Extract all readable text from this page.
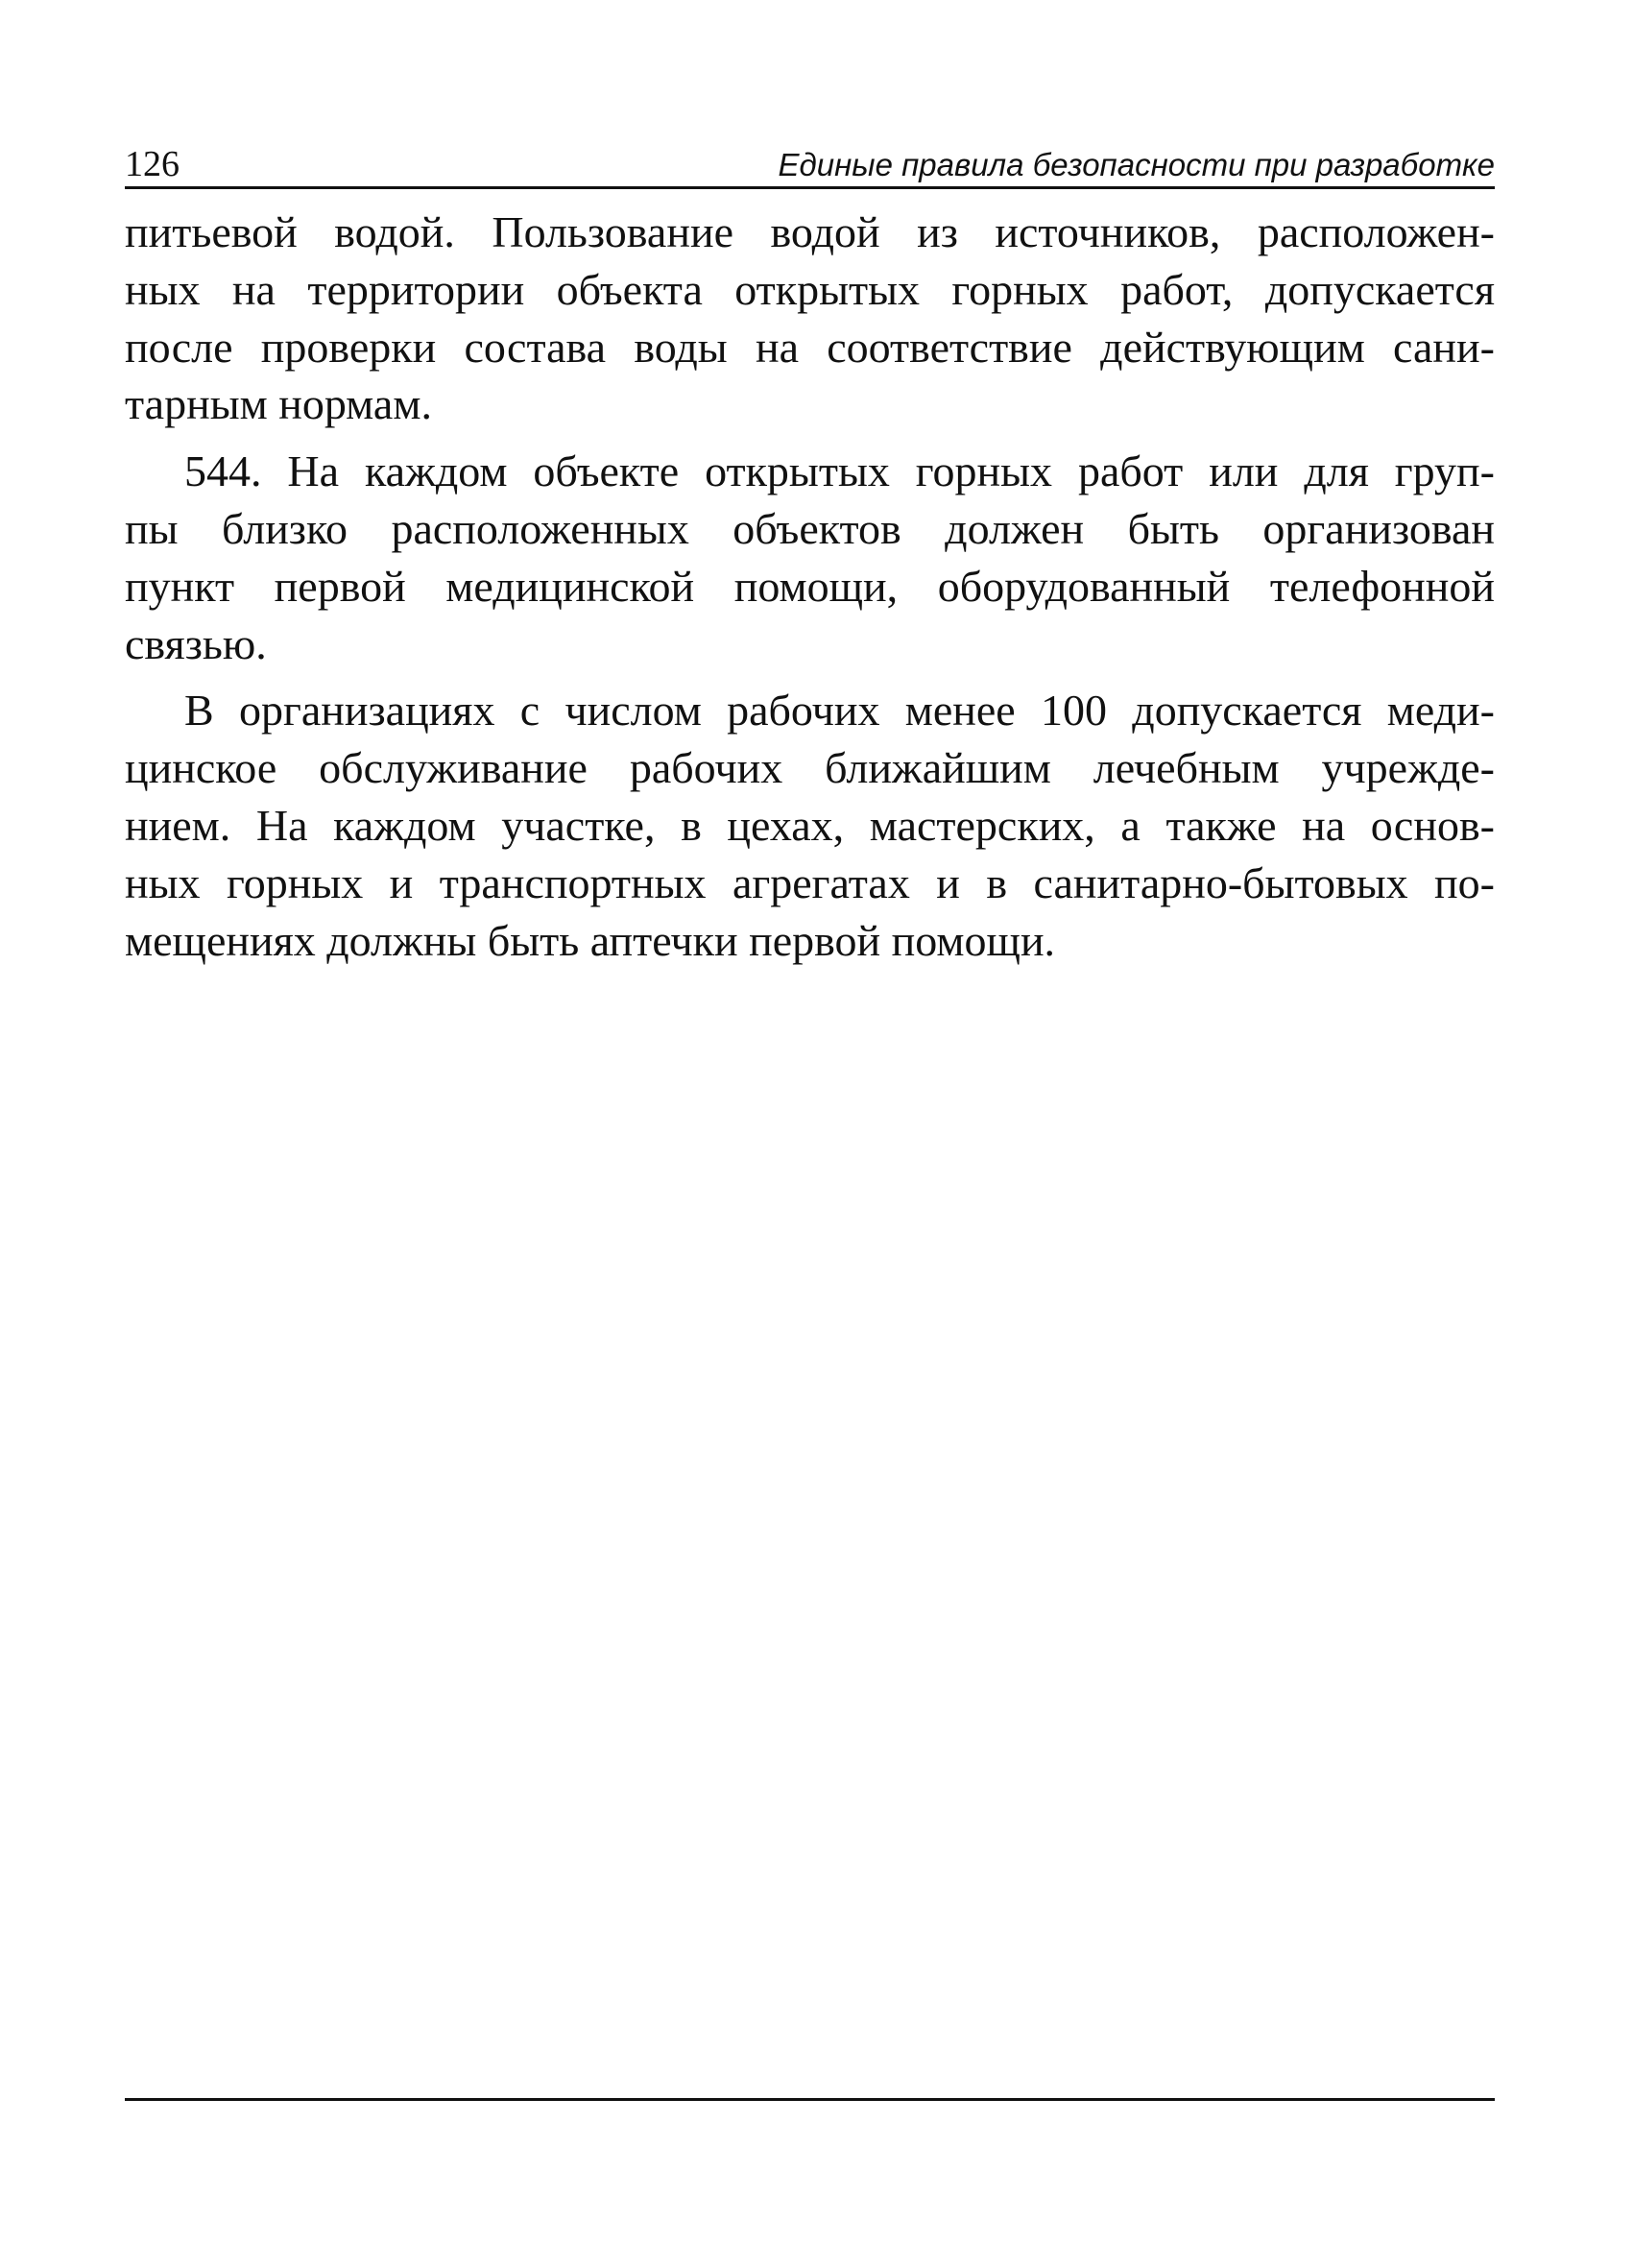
126	Единые правила безопасности при разработке
питьевой водой. Пользование водой из источников, расположен-
ных на территории объекта открытых горных работ, допускается
после проверки состава воды на соответствие действующим сани-
тарным нормам.
544. На каждом объекте открытых горных работ или для груп-
пы близко расположенных объектов должен быть организован
пункт первой медицинской помощи, оборудованный телефонной
связью.
В организациях с числом рабочих менее 100 допускается меди-
цинское обслуживание рабочих ближайшим лечебным учрежде-
нием. На каждом участке, в цехах, мастерских, а также на основ-
ных горных и транспортных агрегатах и в санитарно-бытовых по-
мещениях должны быть аптечки первой помощи.
